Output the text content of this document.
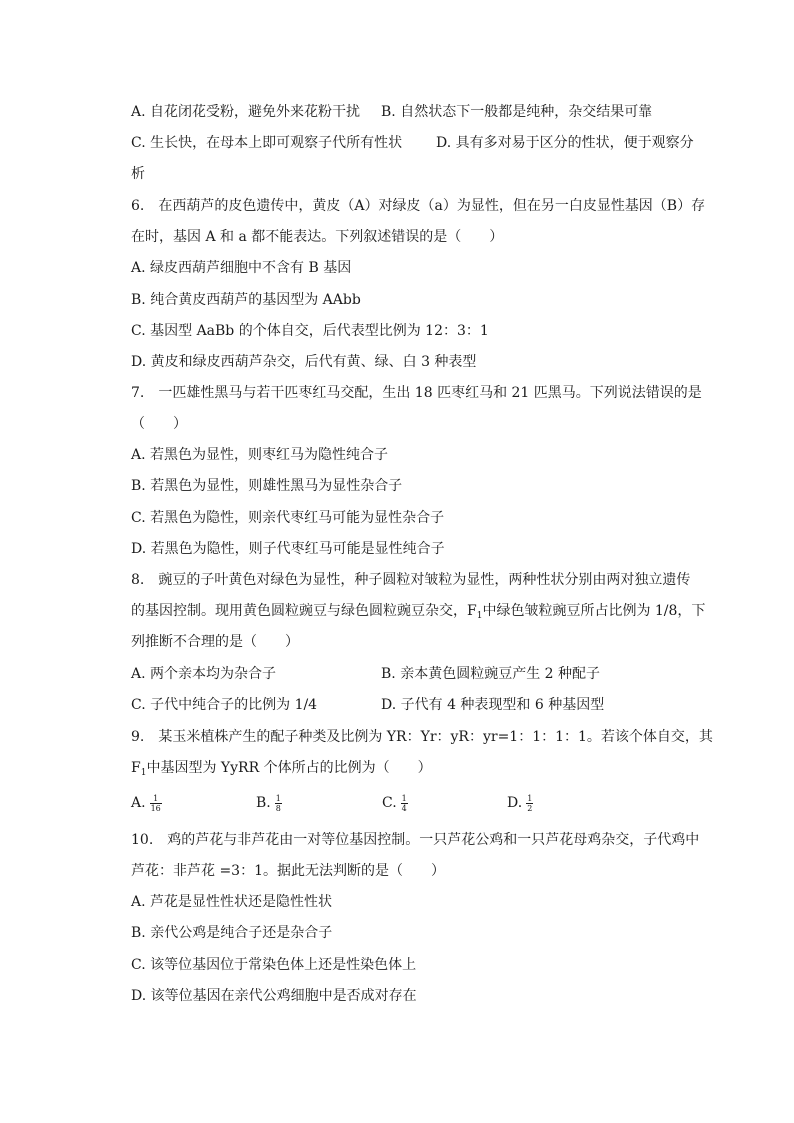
A. 自花闭花受粉，避免外来花粉干扰 B. 自然状态下一般都是纯种，杂交结果可靠
C. 生长快，在母本上即可观察子代所有性状 D. 具有多对易于区分的性状，便于观察分
析
6.　在西葫芦的皮色遗传中，黄皮（A）对绿皮（a）为显性，但在另一白皮显性基因（B）存
在时，基因 A 和 a 都不能表达。下列叙述错误的是（　　）
A. 绿皮西葫芦细胞中不含有 B 基因
B. 纯合黄皮西葫芦的基因型为 AAbb
C. 基因型 AaBb 的个体自交，后代表型比例为 12：3：1
D. 黄皮和绿皮西葫芦杂交，后代有黄、绿、白 3 种表型
7.　一匹雄性黑马与若干匹枣红马交配，生出 18 匹枣红马和 21 匹黑马。下列说法错误的是
（　　）
A. 若黑色为显性，则枣红马为隐性纯合子
B. 若黑色为显性，则雄性黑马为显性杂合子
C. 若黑色为隐性，则亲代枣红马可能为显性杂合子
D. 若黑色为隐性，则子代枣红马可能是显性纯合子
8.　豌豆的子叶黄色对绿色为显性，种子圆粒对皱粒为显性，两种性状分别由两对独立遗传
的基因控制。现用黄色圆粒豌豆与绿色圆粒豌豆杂交，$F_1$中绿色皱粒豌豆所占比例为 1/8，下
列推断不合理的是（　　）
A. 两个亲本均为杂合子	B. 亲本黄色圆粒豌豆产生 2 种配子
C. 子代中纯合子的比例为 1/4	D. 子代有 4 种表现型和 6 种基因型
9.　某玉米植株产生的配子种类及比例为 YR：Yr：yR：yr=1：1：1：1。若该个体自交，其
$F_1$中基因型为 YyRR 个体所占的比例为（　　）
A. $\frac{1}{16}$	B. $\frac{1}{8}$	C. $\frac{1}{4}$	D. $\frac{1}{2}$
10.　鸡的芦花与非芦花由一对等位基因控制。一只芦花公鸡和一只芦花母鸡杂交，子代鸡中
芦花：非芦花 =3：1。据此无法判断的是（　　）
A. 芦花是显性性状还是隐性性状
B. 亲代公鸡是纯合子还是杂合子
C. 该等位基因位于常染色体上还是性染色体上
D. 该等位基因在亲代公鸡细胞中是否成对存在
